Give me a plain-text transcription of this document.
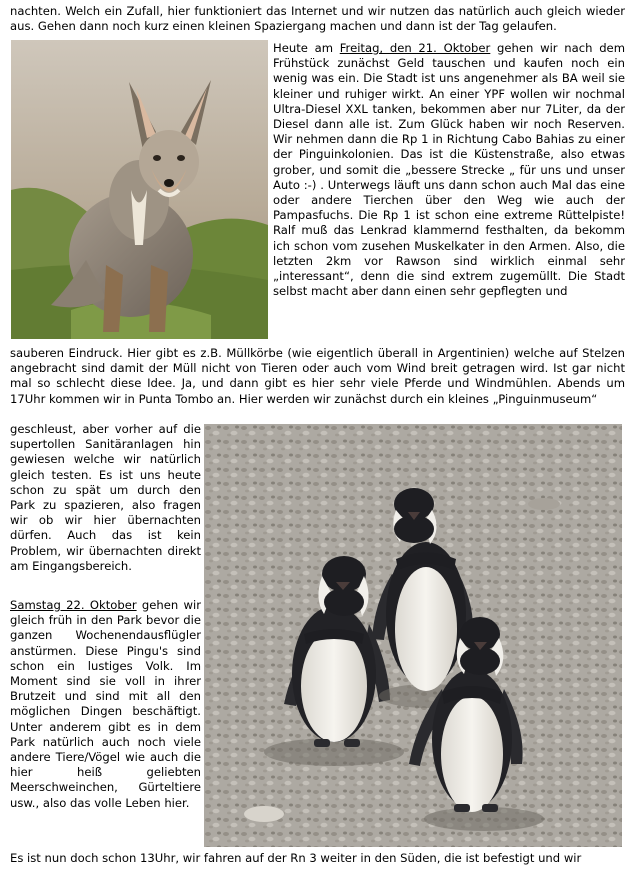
nachten. Welch ein Zufall, hier funktioniert das Internet und wir nutzen das natürlich auch gleich wieder aus. Gehen dann noch kurz einen kleinen Spaziergang machen und dann ist der Tag gelaufen.

Heute am Freitag, den 21. Oktober gehen wir nach dem Frühstück zunächst Geld tauschen und kaufen noch ein wenig was ein. Die Stadt ist uns angenehmer als BA weil sie kleiner und ruhiger wirkt. An einer YPF wollen wir nochmal Ultra-Diesel XXL tanken, bekommen aber nur 7Liter, da der Diesel dann alle ist. Zum Glück haben wir noch Reserven. Wir nehmen dann die Rp 1 in Richtung Cabo Bahias zu einer der Pinguinkolonien. Das ist die Küstenstraße, also etwas grober, und somit die „bessere Strecke „ für uns und unser Auto :-) . Unterwegs läuft uns dann schon auch Mal das eine oder andere Tierchen über den Weg wie auch der Pampasfuchs. Die Rp 1 ist schon eine extreme Rüttelpiste! Ralf muß das Lenkrad klammernd festhalten, da bekomm ich schon vom zusehen Muskelkater in den Armen. Also, die letzten 2km vor Rawson sind wirklich einmal sehr „interessant“, denn die sind extrem zugemüllt. Die Stadt selbst macht aber dann einen sehr gepflegten und

sauberen Eindruck. Hier gibt es z.B. Müllkörbe (wie eigentlich überall in Argentinien) welche auf Stelzen angebracht sind damit der Müll nicht von Tieren oder auch vom Wind breit getragen wird. Ist gar nicht mal so schlecht diese Idee. Ja, und dann gibt es hier sehr viele Pferde und Windmühlen. Abends um 17Uhr kommen wir in Punta Tombo an. Hier werden wir zunächst durch ein kleines „Pinguinmuseum“

geschleust, aber vorher auf die supertollen Sanitäranlagen hin gewiesen welche wir natürlich gleich testen. Es ist uns heute schon zu spät um durch den Park zu spazieren, also fragen wir ob wir hier übernachten dürfen. Auch das ist kein Problem, wir übernachten direkt am Eingangsbereich.

Samstag 22. Oktober gehen wir gleich früh in den Park bevor die ganzen Wochenendausflügler anstürmen. Diese Pingu's sind schon ein lustiges Volk. Im Moment sind sie voll in ihrer Brutzeit und sind mit all den möglichen Dingen beschäftigt. Unter anderem gibt es in dem Park natürlich auch noch viele andere Tiere/Vögel wie auch die hier heiß geliebten Meerschweinchen, Gürteltiere usw., also das volle Leben hier.

Es ist nun doch schon 13Uhr, wir fahren auf der Rn 3 weiter in den Süden, die ist befestigt und wir
